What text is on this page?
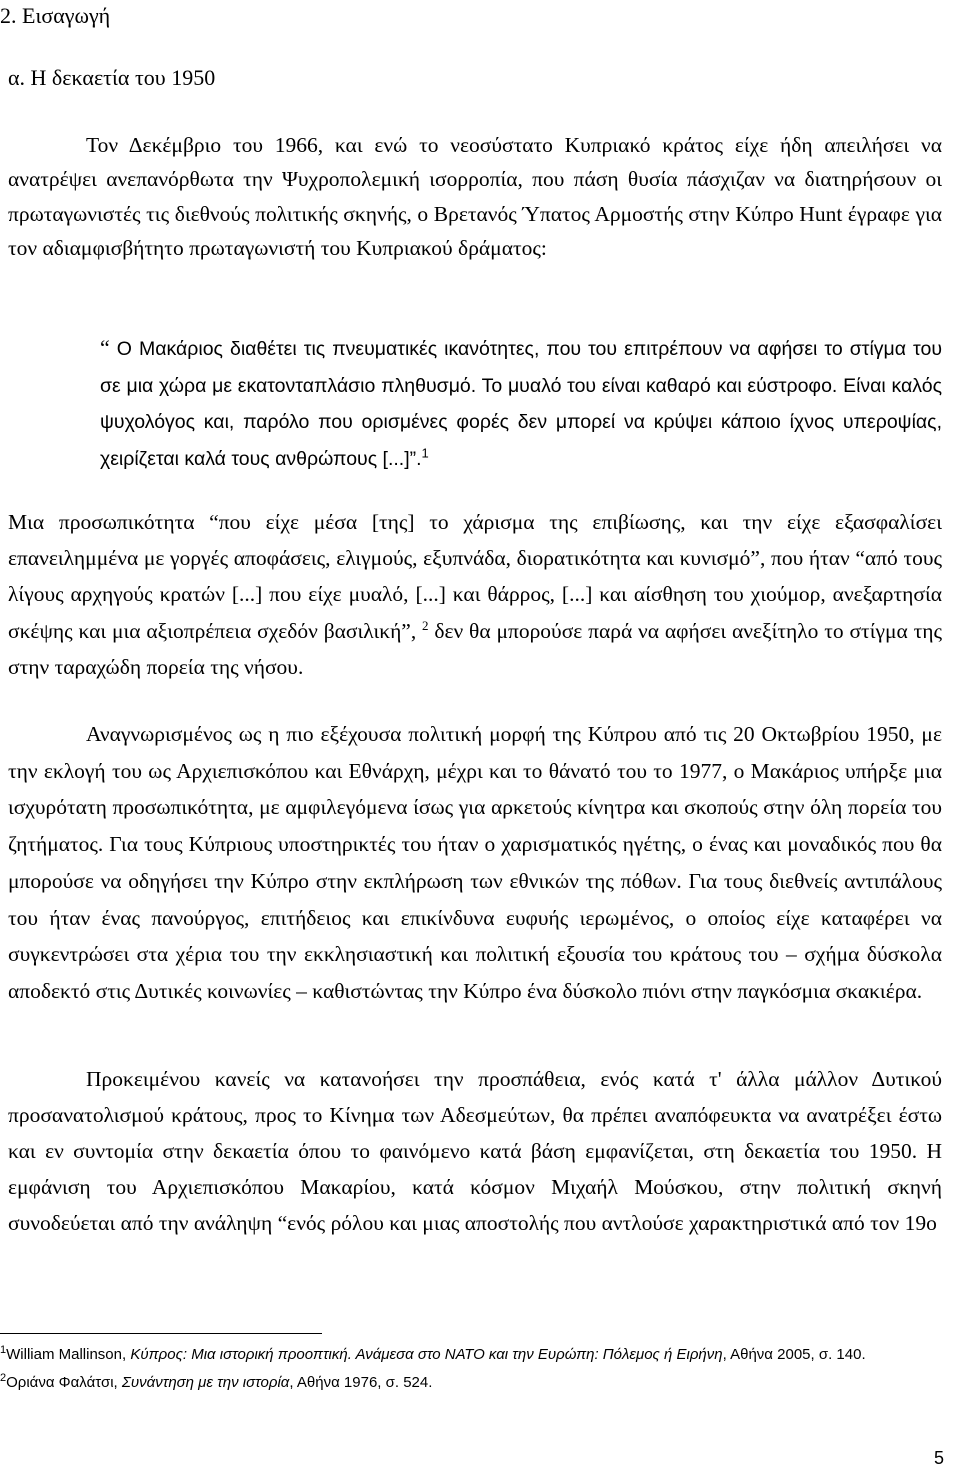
2. Εισαγωγή
α. Η δεκαετία του 1950

Τον Δεκέμβριο του 1966, και ενώ το νεοσύστατο Κυπριακό κράτος είχε ήδη απειλήσει να ανατρέψει ανεπανόρθωτα την Ψυχροπολεμική ισορροπία, που πάση θυσία πάσχιζαν να διατηρήσουν οι πρωταγωνιστές τις διεθνούς πολιτικής σκηνής, ο Βρετανός Ύπατος Αρμοστής στην Κύπρο Hunt έγραφε για τον αδιαμφισβήτητο πρωταγωνιστή του Κυπριακού δράματος:

“ Ο Μακάριος διαθέτει τις πνευματικές ικανότητες, που του επιτρέπουν να αφήσει το στίγμα του σε μια χώρα με εκατονταπλάσιο πληθυσμό. Το μυαλό του είναι καθαρό και εύστροφο. Είναι καλός ψυχολόγος και, παρόλο που ορισμένες φορές δεν μπορεί να κρύψει κάποιο ίχνος υπεροψίας, χειρίζεται καλά τους ανθρώπους [...]”.$^1$

Μια προσωπικότητα “που είχε μέσα [της] το χάρισμα της επιβίωσης, και την είχε εξασφαλίσει επανειλημμένα με γοργές αποφάσεις, ελιγμούς, εξυπνάδα, διορατικότητα και κυνισμό”, που ήταν “από τους λίγους αρχηγούς κρατών [...] που είχε μυαλό, [...] και θάρρος, [...] και αίσθηση του χιούμορ, ανεξαρτησία σκέψης και μια αξιοπρέπεια σχεδόν βασιλική”, $^2$ δεν θα μπορούσε παρά να αφήσει ανεξίτηλο το στίγμα της στην ταραχώδη πορεία της νήσου.

Αναγνωρισμένος ως η πιο εξέχουσα πολιτική μορφή της Κύπρου από τις 20 Οκτωβρίου 1950, με την εκλογή του ως Αρχιεπισκόπου και Εθνάρχη, μέχρι και το θάνατό του το 1977, ο Μακάριος υπήρξε μια ισχυρότατη προσωπικότητα, με αμφιλεγόμενα ίσως για αρκετούς κίνητρα και σκοπούς στην όλη πορεία του ζητήματος. Για τους Κύπριους υποστηρικτές του ήταν ο χαρισματικός ηγέτης, ο ένας και μοναδικός που θα μπορούσε να οδηγήσει την Κύπρο στην εκπλήρωση των εθνικών της πόθων. Για τους διεθνείς αντιπάλους του ήταν ένας πανούργος, επιτήδειος και επικίνδυνα ευφυής ιερωμένος, ο οποίος είχε καταφέρει να συγκεντρώσει στα χέρια του την εκκλησιαστική και πολιτική εξουσία του κράτους του – σχήμα δύσκολα αποδεκτό στις Δυτικές κοινωνίες – καθιστώντας την Κύπρο ένα δύσκολο πιόνι στην παγκόσμια σκακιέρα.

Προκειμένου κανείς να κατανοήσει την προσπάθεια, ενός κατά τ' άλλα μάλλον Δυτικού προσανατολισμού κράτους, προς το Κίνημα των Αδεσμεύτων, θα πρέπει αναπόφευκτα να ανατρέξει έστω και εν συντομία στην δεκαετία όπου το φαινόμενο κατά βάση εμφανίζεται, στη δεκαετία του 1950. Η εμφάνιση του Αρχιεπισκόπου Μακαρίου, κατά κόσμον Μιχαήλ Μούσκου, στην πολιτική σκηνή συνοδεύεται από την ανάληψη “ενός ρόλου και μιας αποστολής που αντλούσε χαρακτηριστικά από τον 19ο

$^1$William Mallinson, Κύπρος: Μια ιστορική προοπτική. Ανάμεσα στο ΝΑΤΟ και την Ευρώπη: Πόλεμος ή Ειρήνη, Αθήνα 2005, σ. 140.

$^2$Οριάνα Φαλάτσι, Συνάντηση με την ιστορία, Αθήνα 1976, σ. 524.

5
